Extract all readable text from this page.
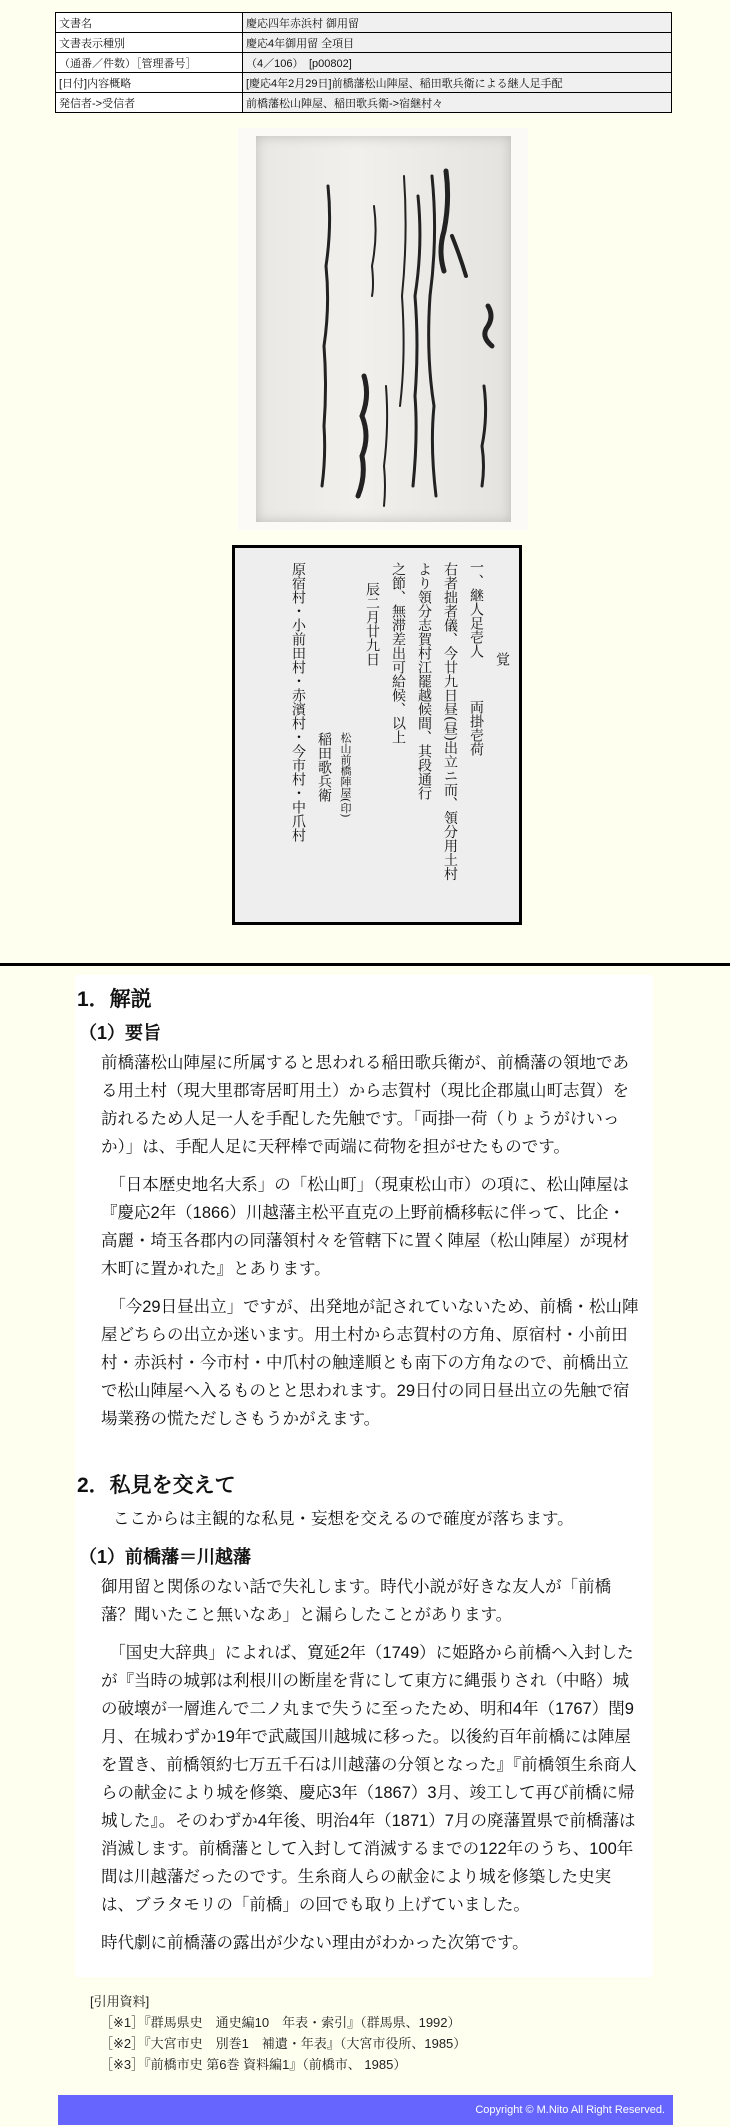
文書名	慶応四年赤浜村 御用留
文書表示種別	慶応4年御用留 全項目
（通番／件数）［管理番号］	（4／106）　[p00802]
[日付]内容概略	[慶応4年2月29日]前橋藩松山陣屋、稲田歌兵衛による継人足手配
発信者->受信者	前橋藩松山陣屋、稲田歌兵衛->宿継村々
覚
一、継人足壱人　　　両掛壱荷
右者拙者儀、今廿九日昼(昼)出立ニ而、領分用土村
より領分志賀村江罷越候間、其段通行
之節、無滞差出可給候、以上
辰二月廿九日
松山前橋陣屋(印)
稲田歌兵衛
原宿村・小前田村・赤濱村・今市村・中爪村
1．解説
（1）要旨

前橋藩松山陣屋に所属すると思われる稲田歌兵衛が、前橋藩の領地である用土村（現大里郡寄居町用土）から志賀村（現比企郡嵐山町志賀）を訪れるため人足一人を手配した先触です。「両掛一荷（りょうがけいっか）」は、手配人足に天秤棒で両端に荷物を担がせたものです。

「日本歴史地名大系」の「松山町」（現東松山市）の項に、松山陣屋は『慶応2年（1866）川越藩主松平直克の上野前橋移転に伴って、比企・高麗・埼玉各郡内の同藩領村々を管轄下に置く陣屋（松山陣屋）が現材木町に置かれた』とあります。

「今29日昼出立」ですが、出発地が記されていないため、前橋・松山陣屋どちらの出立か迷います。用土村から志賀村の方角、原宿村・小前田村・赤浜村・今市村・中爪村の触達順とも南下の方角なので、前橋出立で松山陣屋へ入るものとと思われます。29日付の同日昼出立の先触で宿場業務の慌ただしさもうかがえます。

2．私見を交えて

ここからは主観的な私見・妄想を交えるので確度が落ちます。

（1）前橋藩＝川越藩

御用留と関係のない話で失礼します。時代小説が好きな友人が「前橋藩？聞いたこと無いなあ」と漏らしたことがあります。

「国史大辞典」によれば、寛延2年（1749）に姫路から前橋へ入封したが『当時の城郭は利根川の断崖を背にして東方に縄張りされ（中略）城の破壊が一層進んで二ノ丸まで失うに至ったため、明和4年（1767）閏9月、在城わずか19年で武蔵国川越城に移った。以後約百年前橋には陣屋を置き、前橋領約七万五千石は川越藩の分領となった』『前橋領生糸商人らの献金により城を修築、慶応3年（1867）3月、竣工して再び前橋に帰城した』。そのわずか4年後、明治4年（1871）7月の廃藩置県で前橋藩は消滅します。前橋藩として入封して消滅するまでの122年のうち、100年間は川越藩だったのです。生糸商人らの献金により城を修築した史実は、ブラタモリの「前橋」の回でも取り上げていました。

時代劇に前橋藩の露出が少ない理由がわかった次第です。

[引用資料]
［※1］『群馬県史　通史編10　年表・索引』（群馬県、1992）
［※2］『大宮市史　別巻1　補遺・年表』（大宮市役所、1985）
［※3］『前橋市史 第6巻 資料編1』（前橋市、 1985）
Copyright © M.Nito All Right Reserved.
